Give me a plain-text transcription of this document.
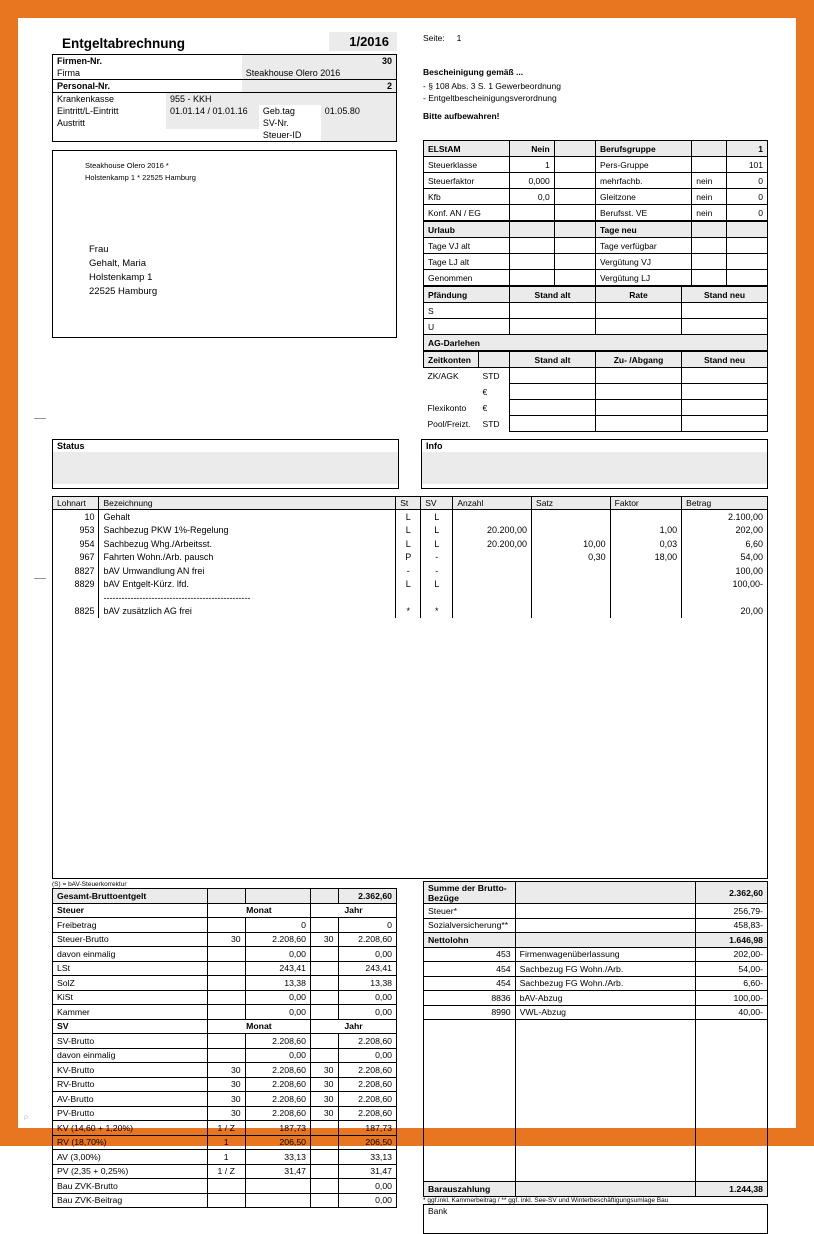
P
Entgeltabrechnung	1/2016
Firmen-Nr.	30
Firma	Steakhouse Olero 2016
Personal-Nr.	2
Krankenkasse	955 - KKH		
Eintritt/L-Eintritt	01.01.14 / 01.01.16	Geb.tag	01.05.80
Austritt		SV-Nr.	
		Steuer-ID	
Steakhouse Olero 2016 *
Holstenkamp 1 * 22525 Hamburg
Frau
Gehalt, Maria
Holstenkamp 1
22525 Hamburg
Seite: 1
Bescheinigung gemäß ...
- § 108 Abs. 3 S. 1 Gewerbeordnung
- Entgeltbescheinigungsverordnung
Bitte aufbewahren!
ELStAM	Nein		Berufsgruppe		1
Steuerklasse	1		Pers-Gruppe		101
Steuerfaktor	0,000		mehrfachb.	nein	0
Kfb	0,0		Gleitzone	nein	0
Konf. AN / EG			Berufsst. VE	nein	0
Urlaub			Tage neu		
Tage VJ alt			Tage verfügbar		
Tage LJ alt			Vergütung VJ		
Genommen			Vergütung LJ		
Pfändung	Stand alt	Rate	Stand neu
S			
U			
AG-Darlehen			
Zeitkonten		Stand alt	Zu- /Abgang	Stand neu
ZK/AGK	STD			
	€			
Flexikonto	€			
Pool/Freizt.	STD			
Status	Info
Lohnart	Bezeichnung	St	SV	Anzahl	Satz	Faktor	Betrag
10	Gehalt	L	L				2.100,00
953	Sachbezug PKW 1%-Regelung	L	L	20.200,00		1,00	202,00
954	Sachbezug Whg./Arbeitsst.	L	L	20.200,00	10,00	0,03	6,60
967	Fahrten Wohn./Arb. pausch	P	-		0,30	18,00	54,00
8827	bAV Umwandlung AN frei	-	-				100,00
8829	bAV Entgelt-Kürz. lfd.	L	L				100,00-
	-------------------------------------------------						
8825	bAV zusätzlich AG frei	*	*				20,00

(S) = bAV-Steuerkorrektur
Gesamt-Bruttoentgelt				2.362,60
Steuer	Monat		Jahr	
Freibetrag		0		0
Steuer-Brutto	30	2.208,60	30	2.208,60
davon einmalig		0,00		0,00
LSt		243,41		243,41
SolZ		13,38		13,38
KiSt		0,00		0,00
Kammer		0,00		0,00
SV	Monat		Jahr	
SV-Brutto		2.208,60		2.208,60
davon einmalig		0,00		0,00
KV-Brutto	30	2.208,60	30	2.208,60
RV-Brutto	30	2.208,60	30	2.208,60
AV-Brutto	30	2.208,60	30	2.208,60
PV-Brutto	30	2.208,60	30	2.208,60
KV (14,60 + 1,20%)	1 / Z	187,73		187,73
RV (18,70%)	1	206,50		206,50
AV (3,00%)	1	33,13		33,13
PV (2,35 + 0,25%)	1 / Z	31,47		31,47
Bau ZVK-Brutto				0,00
Bau ZVK-Beitrag				0,00
Summe der Brutto-Bezüge		2.362,60
Steuer*		256,79-
Sozialversicherung**		458,83-
Nettolohn		1.646,98
453	Firmenwagenüberlassung	202,00-
454	Sachbezug FG Wohn./Arb.	54,00-
454	Sachbezug FG Wohn./Arb.	6,60-
8836	bAV-Abzug	100,00-
8990	VWL-Abzug	40,00-

Barauszahlung		1.244,38
* ggf.inkl. Kammerbeitrag / ** ggf. inkl. See-SV und Winterbeschäftigungsumlage Bau
Bank
